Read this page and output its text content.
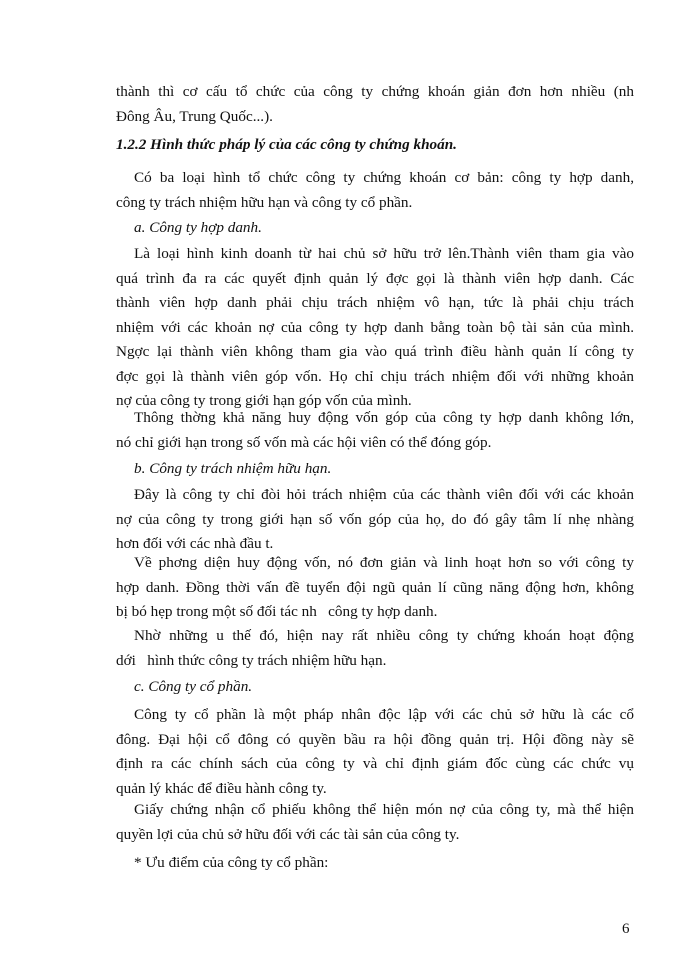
thành thì cơ cấu tổ chức của công ty chứng khoán giản đơn hơn nhiều (nh
Đông Âu, Trung Quốc...).
1.2.2 Hình thức pháp lý của các công ty chứng khoán.
Có ba loại hình tổ chức công ty chứng khoán cơ bản: công ty hợp danh,
công ty trách nhiệm hữu hạn và công ty cổ phần.
a. Công ty hợp danh.
Là loại hình kinh doanh từ hai chủ sở hữu trở lên.Thành viên tham gia vào
quá trình đa ra các quyết định quản lý đợc gọi là thành viên hợp danh. Các
thành viên hợp danh phải chịu trách nhiệm vô hạn, tức là phải chịu trách
nhiệm với các khoản nợ của công ty hợp danh bằng toàn bộ tài sản của mình.
Ngợc lại thành viên không tham gia vào quá trình điều hành quản lí công ty
đợc gọi là thành viên góp vốn. Họ chỉ chịu trách nhiệm đối với những khoản
nợ của công ty trong giới hạn góp vốn của mình.
Thông thờng khả năng huy động vốn góp của công ty hợp danh không lớn,
nó chỉ giới hạn trong số vốn mà các hội viên có thể đóng góp.
b. Công ty trách nhiệm hữu hạn.
Đây là công ty chỉ đòi hỏi trách nhiệm của các thành viên đối với các khoản
nợ của công ty trong giới hạn số vốn góp của họ, do đó gây tâm lí nhẹ nhàng
hơn đối với các nhà đầu t.
Về phơng diện huy động vốn, nó đơn giản và linh hoạt hơn so với công ty
hợp danh. Đồng thời vấn đề tuyển đội ngũ quản lí cũng năng động hơn, không
bị bó hẹp trong một số đối tác nh   công ty hợp danh.
Nhờ những u thế đó, hiện nay rất nhiều công ty chứng khoán hoạt động
dới   hình thức công ty trách nhiệm hữu hạn.
c. Công ty cổ phần.
Công ty cổ phần là một pháp nhân độc lập với các chủ sở hữu là các cổ
đông. Đại hội cổ đông có quyền bầu ra hội đồng quản trị. Hội đồng này sẽ
định ra các chính sách của công ty và chỉ định giám đốc cùng các chức vụ
quản lý khác để điều hành công ty.
Giấy chứng nhận cổ phiếu không thể hiện món nợ của công ty, mà thể hiện
quyền lợi của chủ sở hữu đối với các tài sản của công ty.
* Ưu điểm của công ty cổ phần:
6
